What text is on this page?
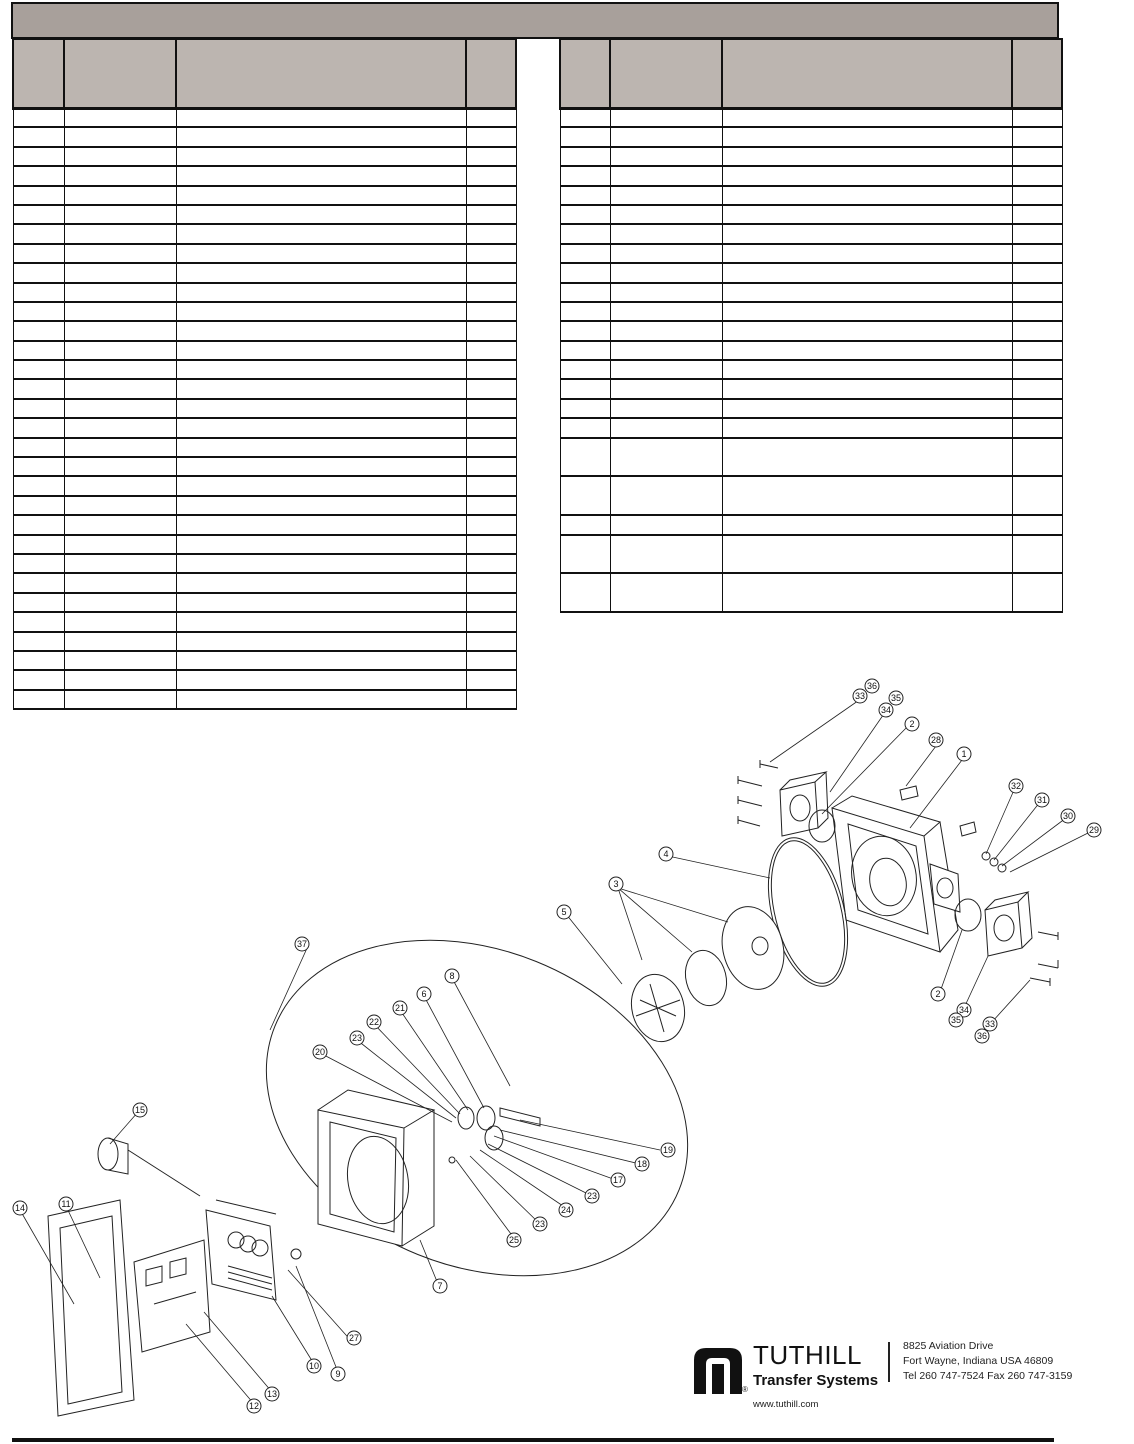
1
2
2
3
4
5
6
7
8
9
10
11
12
13
14
15
17
18
19
20
21
22
23
23
23
24
25
27
28
29
30
31
32
33
33
34
34
35
35
36
36
37
TUTHILL
Transfer Systems
®
8825 Aviation Drive
Fort Wayne, Indiana USA 46809
Tel 260 747-7524 Fax 260 747-3159
www.tuthill.com
